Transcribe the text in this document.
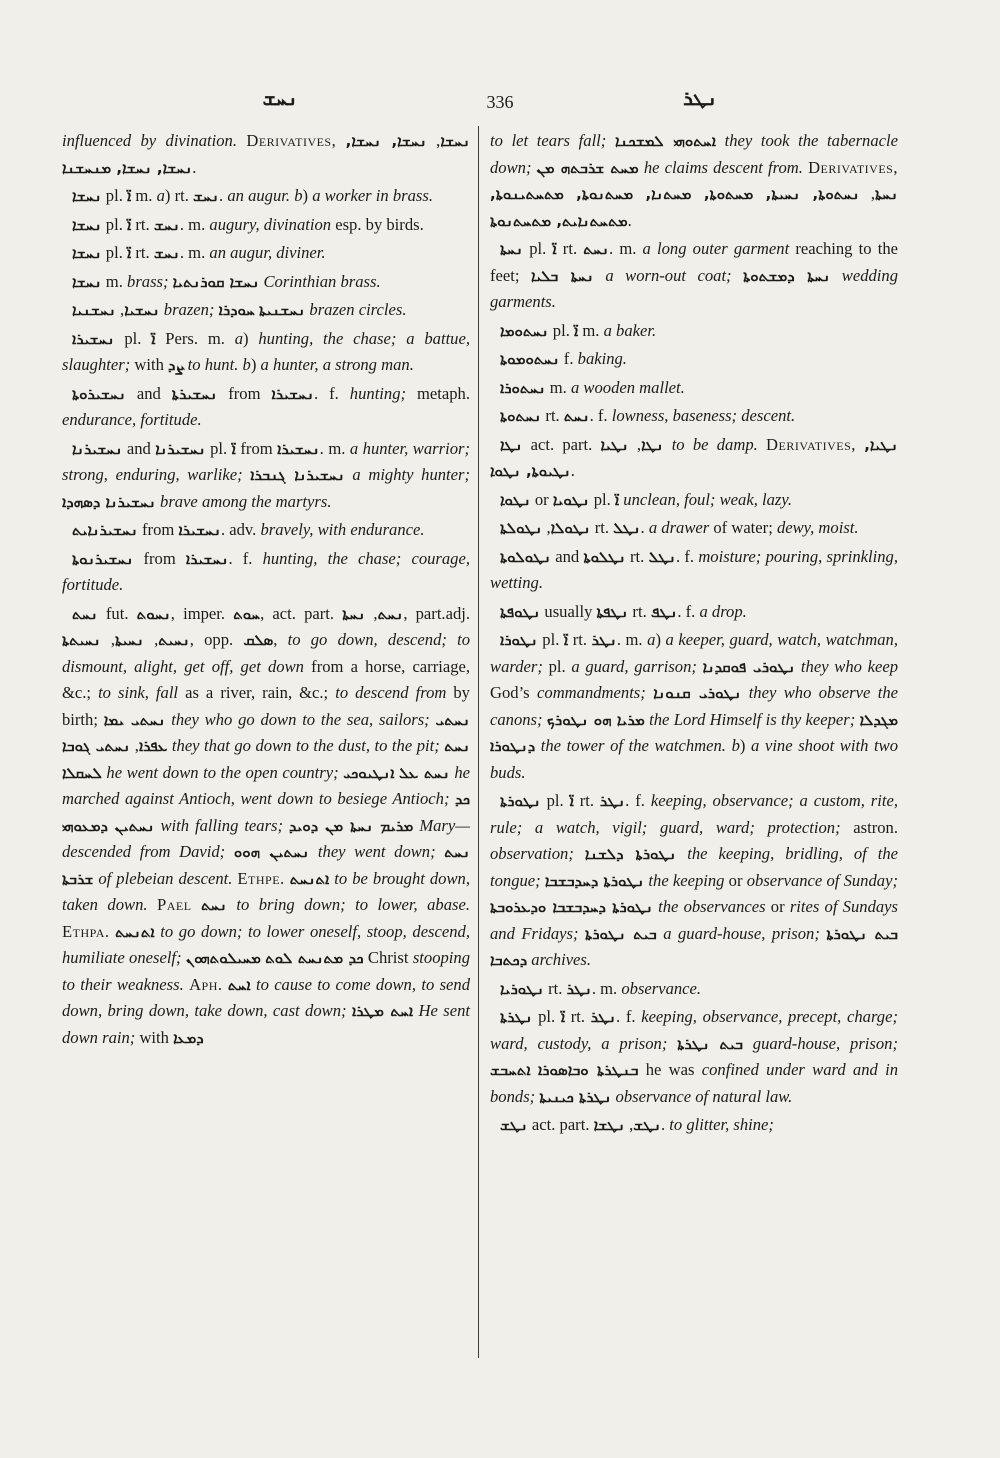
ܢܚܫ	336	ܢܛܪ

influenced by divination. Derivatives,	ܢܚܫܐ, ܢܚܫܐ, ܢܚܫܐ, ܢܚܫܐ, ܢܚܫܐ, ܡܢܚܫܢܐ.

ܢܚܫܐ pl. ܐ̈ m. a) rt. ܢܚܫ. an augur. b) a worker in brass.

ܢܚܫܐ pl. ܐ̈ rt. ܢܚܫ. m. augury, divination esp. by birds.

ܢܚܫܐ pl. ܐ̈ rt. ܢܚܫ. m. an augur, diviner.

ܢܚܫܐ m. brass; ܢܚܫܐ ܩܘܪܢܬܝܐ Corinthian brass.

ܢܚܫܝܐ, ܢܚܫܢܝܐ	brazen;	ܢܚܫܢܝܬܐ ܚܘܕܪܐ	brazen circles.

ܢܚܫܝܪܐ pl. ܐ̈ Pers. m. a) hunting, the chase; a battue, slaughter; with ܨܕ to hunt. b) a hunter, a strong man.

ܢܚܫܝܪܘܬܐ and ܢܚܫܝܪܬܐ from ܢܚܫܝܪܐ. f. hunting; metaph. endurance, fortitude.

ܢܚܫܝܪܢܐ and ܢܚܫܝܪܢܐ pl. ܐ̈ from ܢܚܫܝܪܐ. m. a hunter, warrior; strong, enduring, warlike; ܢܚܫܝܪܢܐ ܓܢܒܪܐ a mighty hunter; ܢܚܫܝܪܢܐ ܕܣܗܕܐ brave among the martyrs.

ܢܚܫܝܪܢܐܝܬ from ܢܚܫܝܪܐ. adv. bravely, with endurance.

ܢܚܫܝܪܢܘܬܐ from ܢܚܫܝܪܐ. f. hunting, the chase; courage, fortitude.

ܢܚܬ fut. ܢܚܘܬ, imper. ܚܘܬ, act. part. ܢܚܬ, ܢܚܬܐ , part.adj. ܢܚܝܬ, ܢܚܝܬܐ, ܢܚܝܬܬܐ	, opp. ܣܠܩ, to go down, descend; to dismount, alight, get off, get down from a horse, carriage, &c.; to sink, fall as a river, rain, &c.; to descend from by birth; ܢܚܬܝ ܝܡܐ they who go down to the sea, sailors; ܢܚܬܝ ܥܦܪܐ, ܢܚܬܝ ܓܘܒܐ	they that go down to the dust, to the pit; ܢܚܬ ܠܚܩܠܐ he went down to the open country;	ܢܚܬ ܥܠ ܐܢܛܝܘܟܝ	he marched against Antioch, went down to besiege Antioch; ܟܕ ܢܚܬܝܢ ܕܡܥܘܗܝ with falling tears; ܡܪܝܡ ܢܚܬܐ ܡܢ ܕܘܝܕ Mary—descended from David; ܢܚܬܝܢ ܗܘܘ they went down; ܢܚܬ ܫܪܒܬܐ of plebeian descent. Ethpe. ܐܬܢܚܬ to be brought down, taken down. Pael ܢܚܬ to bring down; to lower, abase. Ethpa. ܐܬܢܚܬ to go down; to lower oneself, stoop, descend, humiliate oneself;	ܟܕ ܡܬܢܚܬ ܠܘܬ ܡܚܝܠܘܬܗܘܢ	Christ stooping to their weakness. Aph. ܐܚܬ to cause to come down, to send down, bring down, take down, cast down; ܐܚܬ ܡܛܪܐ He sent down rain; with ܕܡܥܐ

to let tears fall; ܐܚܬܘܗܝ ܠܡܫܟܢܐ they took the tabernacle down; ܡܚܬ ܫܪܒܬܗ ܡܢ he claims descent from. Derivatives, ܢܚܬܐ, ܢܚܬܘܬܐ, ܢܚܝܬܐ, ܡܚܬܘܬܐ, ܡܚܬܢܐ, ܡܚܬܢܘܬܐ, ܡܬܚܬܝܢܘܬܐ, ܡܬܚܬܢܐܝܬ, ܡܬܚܬܢܘܬܐ.

ܢܚܬܐ pl. ܐ̈ rt. ܢܚܬ. m. a long outer garment reaching to the feet; ܢܚܬܐ ܒܠܝܐ a worn-out coat; ܢܚܬܐ ܕܡܫܬܘܬܐ wedding garments.

ܢܚܬܘܡܐ pl. ܐ̈ m. a baker.

ܢܚܬܘܡܘܬܐ f. baking.

ܢܚܬܘܪܐ m. a wooden mallet.

ܢܚܬܘܬܐ rt. ܢܚܬ. f. lowness, baseness; descent.

ܢܛܐ act. part.	ܢܛܐ, ܢܛܝܐ	to be damp. Derivatives, ܢܛܝܐ, ܢܛܝܘܬܐ, ܢܛܘܐ.

ܢܛܘܐ or ܢܛܘܝܐ pl. ܐ̈ unclean, foul; weak, lazy.

ܢܛܘܠܐ, ܢܛܘܠܬܐ	rt. ܢܛܠ. a drawer of water; dewy, moist.

ܢܛܘܠܘܬܐ and ܢܛܠܘܬܐ rt. ܢܛܠ. f. moisture; pouring, sprinkling, wetting.

ܢܛܘܦܬܐ usually ܢܛܦܬܐ rt. ܢܛܦ. f. a drop.

ܢܛܘܪܐ pl. ܐ̈ rt. ܢܛܪ. m. a) a keeper, guard, watch, watchman, warder; pl. a guard, garrison; ܢܛܘܪܝ ܦܘܩܕܢܐ they who keep God’s commandments; ܢܛܘܪܝ ܩܢܘܢܐ they who observe the canons; ܡܪܝܐ ܗܘ ܢܛܘܪܟ the Lord Himself is thy keeper; ܡܓܕܠܐ ܕܢܛܘܪܐ the tower of the watchmen. b) a vine shoot with two buds.

ܢܛܘܪܬܐ pl. ܐ̈ rt. ܢܛܪ. f. keeping, observance; a custom, rite, rule; a watch, vigil; guard, ward; protection; astron. observation; ܢܛܘܪܬܐ ܕܠܫܢܐ the keeping, bridling, of the tongue; ܢܛܘܪܬܐ ܕܚܕܒܫܒܐ the keeping or observance of Sunday; ܢܛܘܪܬܐ ܕܚܕܒܫܒܐ ܘܕܥܪܘܒܬܐ the observances or rites of Sundays and Fridays; ܒܝܬ ܢܛܘܪܬܐ a guard-house, prison; ܒܝܬ ܢܛܘܪܬܐ ܕܟܬܒܐ archives.

ܢܛܘܪܝܐ rt. ܢܛܪ. m. observance.

ܢܛܪܬܐ pl. ܐ̈ rt. ܢܛܪ. f. keeping, observance, precept, charge; ward, custody, a prison;	ܒܝܬ ܢܛܪܬܐ	guard-house, prison; ܒܢܛܪܬܐ ܘܒܐܣܘܪܐ ܐܬܚܒܫ	he was confined under ward and in bonds; ܢܛܪܬܐ ܟܝܢܝܬܐ observance of natural law.

ܢܛܫ act. part.	ܢܛܫ, ܢܛܫܐ . to glitter, shine;
